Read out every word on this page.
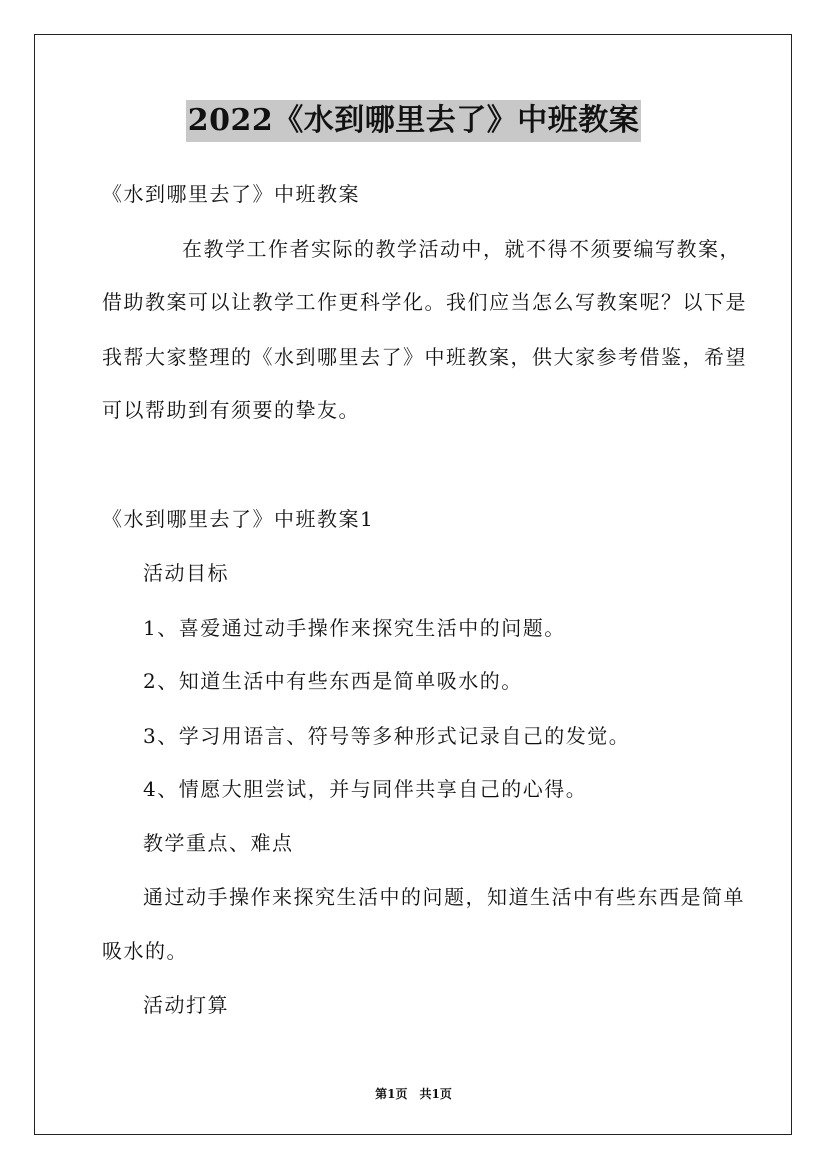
2022《水到哪里去了》中班教案
《水到哪里去了》中班教案
在教学工作者实际的教学活动中，就不得不须要编写教案，
借助教案可以让教学工作更科学化。我们应当怎么写教案呢？以下是
我帮大家整理的《水到哪里去了》中班教案，供大家参考借鉴，希望
可以帮助到有须要的挚友。
《水到哪里去了》中班教案1
活动目标
1、喜爱通过动手操作来探究生活中的问题。
2、知道生活中有些东西是简单吸水的。
3、学习用语言、符号等多种形式记录自己的发觉。
4、情愿大胆尝试，并与同伴共享自己的心得。
教学重点、难点
通过动手操作来探究生活中的问题，知道生活中有些东西是简单
吸水的。
活动打算
第1页　共1页
